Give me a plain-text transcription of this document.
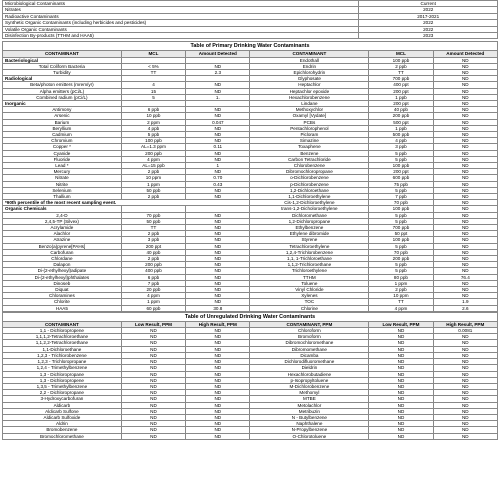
Microbiological Contaminants	Current
Nitrates	2022
Radioactive Contaminants	2017-2021
Synthetic Organic Contaminants (including herbicides and pesticides)	2022
Volatile Organic Contaminants	2022
Disinfection By-products (TTHM and HAA5)	2023
Table of Primary Drinking Water Contaminants
CONTAMINANT	MCL	Amount Detected	CONTAMINANT	MCL	Amount Detected
Bacteriological			Endothall	100 ppb	ND
Total Coliform Bacteria	< 5%	ND	Endrin	2 ppb	ND
Turbidity	TT	2.3	Epichlorohydrin	TT	ND
Radiological			Glyphosate	700 ppb	ND
Beta/photon emitters (mrem/yr)	4	ND	Heptachlor	400 ppt	ND
Alpha emitters (pCi/L)	15	ND	Heptachlor epoxide	200 ppt	ND
Combined radium (pCi/L)	5	1.	Hexachlorobenzene	1 ppb	ND
Inorganic			Lindane	200 ppt	ND
Antimony	6 ppb	ND	Methoxychlor	40 ppb	ND
Arsenic	10 ppb	ND	Oxamyl [Vydate]	200 ppb	ND
Barium	2 ppm	0.047	PCBs	500 ppt	ND
Beryllium	4 ppb	ND	Pentachlorophenol	1 ppb	ND
Cadmium	5 ppb	ND	Picloram	500 ppb	ND
Chromium	100 ppb	ND	Simazine	4 ppb	ND
Copper *	AL=1.3 ppm	0.11	Toxaphene	3 ppb	ND
Cyanide	200 ppb	ND	Benzene	5 ppb	ND
Fluoride	4 ppm	ND	Carbon Tetrachloride	5 ppb	ND
Lead *	AL=15 ppb	1	Chlorobenzene	100 ppb	ND
Mercury	2 ppb	ND	Dibromochloropropane	200 ppt	ND
Nitrate	10 ppm	0.70	o-Dichlorobenzene	600 ppb	ND
Nitrite	1 ppm	0.43	p-Dichlorobenzene	75 ppb	ND
Selenium	50 ppb	ND	1,2-Dichloroethane	5 ppb	ND
Thallium	2 ppb	ND	1,1-Dichloroethylene	7 ppb	ND
*90th percentile of the most recent sampling event.			Cis-1,2-Dichloroethylene	70 ppb	ND
Organic Chemicals			trans-1,2-Dicholoroethylene	100 ppb	ND
2,4-D	70 ppb	ND	Dichloromethane	5 ppb	ND
2,4,5-TP (Silvex)	50 ppb	ND	1,2-Dichloropropane	5 ppb	ND
Acrylamide	TT	ND	Ethylbenzene	700 ppb	ND
Alachlor	2 ppb	ND	Ethylene dibromide	50 ppt	ND
Atrazine	3 ppb	ND	Styrene	100 ppb	ND
Benzo(a)pyrene[PAHs]	200 ppt	ND	Tetrachloroethylene	5 ppb	ND
Carbofuran	40 ppb	ND	1,2,4-Trichlorobenzene	70 ppb	ND
Chlordane	2 ppb	ND	1,1, 1-Trichloroethane	200 ppb	ND
Dalapon	200 ppb	ND	1,1,2-Trichloroethane	5 ppb	ND
Di-(2-ethylhexyl)adipate	400 ppb	ND	Trichloroethylene	5 ppb	ND
Di-(2-ethylhexyl)phthalates	6 ppb	ND	TTHM	80 ppb	76.4
Dinoseb	7 ppb	ND	Toluene	1 ppm	ND
Diquat	20 ppb	ND	Vinyl Chloride	2 ppb	ND
Chloramines	4 ppm	ND	Xylenes	10 ppm	ND
Chlorite	1 ppm	ND	TOC	TT	1.9
HAA5	60 ppb	30.8	Chlorine	4 ppm	2.6
Table of Unregulated Drinking Water Contaminants
CONTAMINANT	Low Result, PPM	High Result, PPM	CONTAMINANT, PPM	Low Result, PPM	High Result, PPM
1,1 - Dichloropropene	ND	ND	Chloroform	ND	0.0081
1,1,1,2-Tetrachloroethane	ND	ND	Bromoform	ND	ND
1,1,2,2-Tetrachloroethane	ND	ND	Dibromochloromethane	ND	ND
1,1-Dichloroethane	ND	ND	Dibromomethane	ND	ND
1,2,3 - Trichlorobenzene	ND	ND	Dicamba	ND	ND
1,2,3 - Trichloropropane	ND	ND	Dichlorodifluoromethane	ND	ND
1,2,4 - Trimethylbenzene	ND	ND	Dieldrin	ND	ND
1,3 - Dichloropropane	ND	ND	Hexachlorobutadiene	ND	ND
1,3 - Dichloropropene	ND	ND	p-Isopropyltoluene	ND	ND
1,3,5 - Trimethylbenzene	ND	ND	M-Dichlorobenzene	ND	ND
2,2 - Dichloropropane	ND	ND	Methomyl	ND	ND
3-Hydroxycarbofuran	ND	ND	MTBE	ND	ND
Aldicarb	ND	ND	Metolachlor	ND	ND
Aldicarb Sulfone	ND	ND	Metribuzin	ND	ND
Aldicarb Sulfoxide	ND	ND	N - Butylbenzene	ND	ND
Aldrin	ND	ND	Naphthalene	ND	ND
Bromobenzene	ND	ND	N-Propylbenzene	ND	ND
Bromochloromethane	ND	ND	O-Chlorotoluene	ND	ND
